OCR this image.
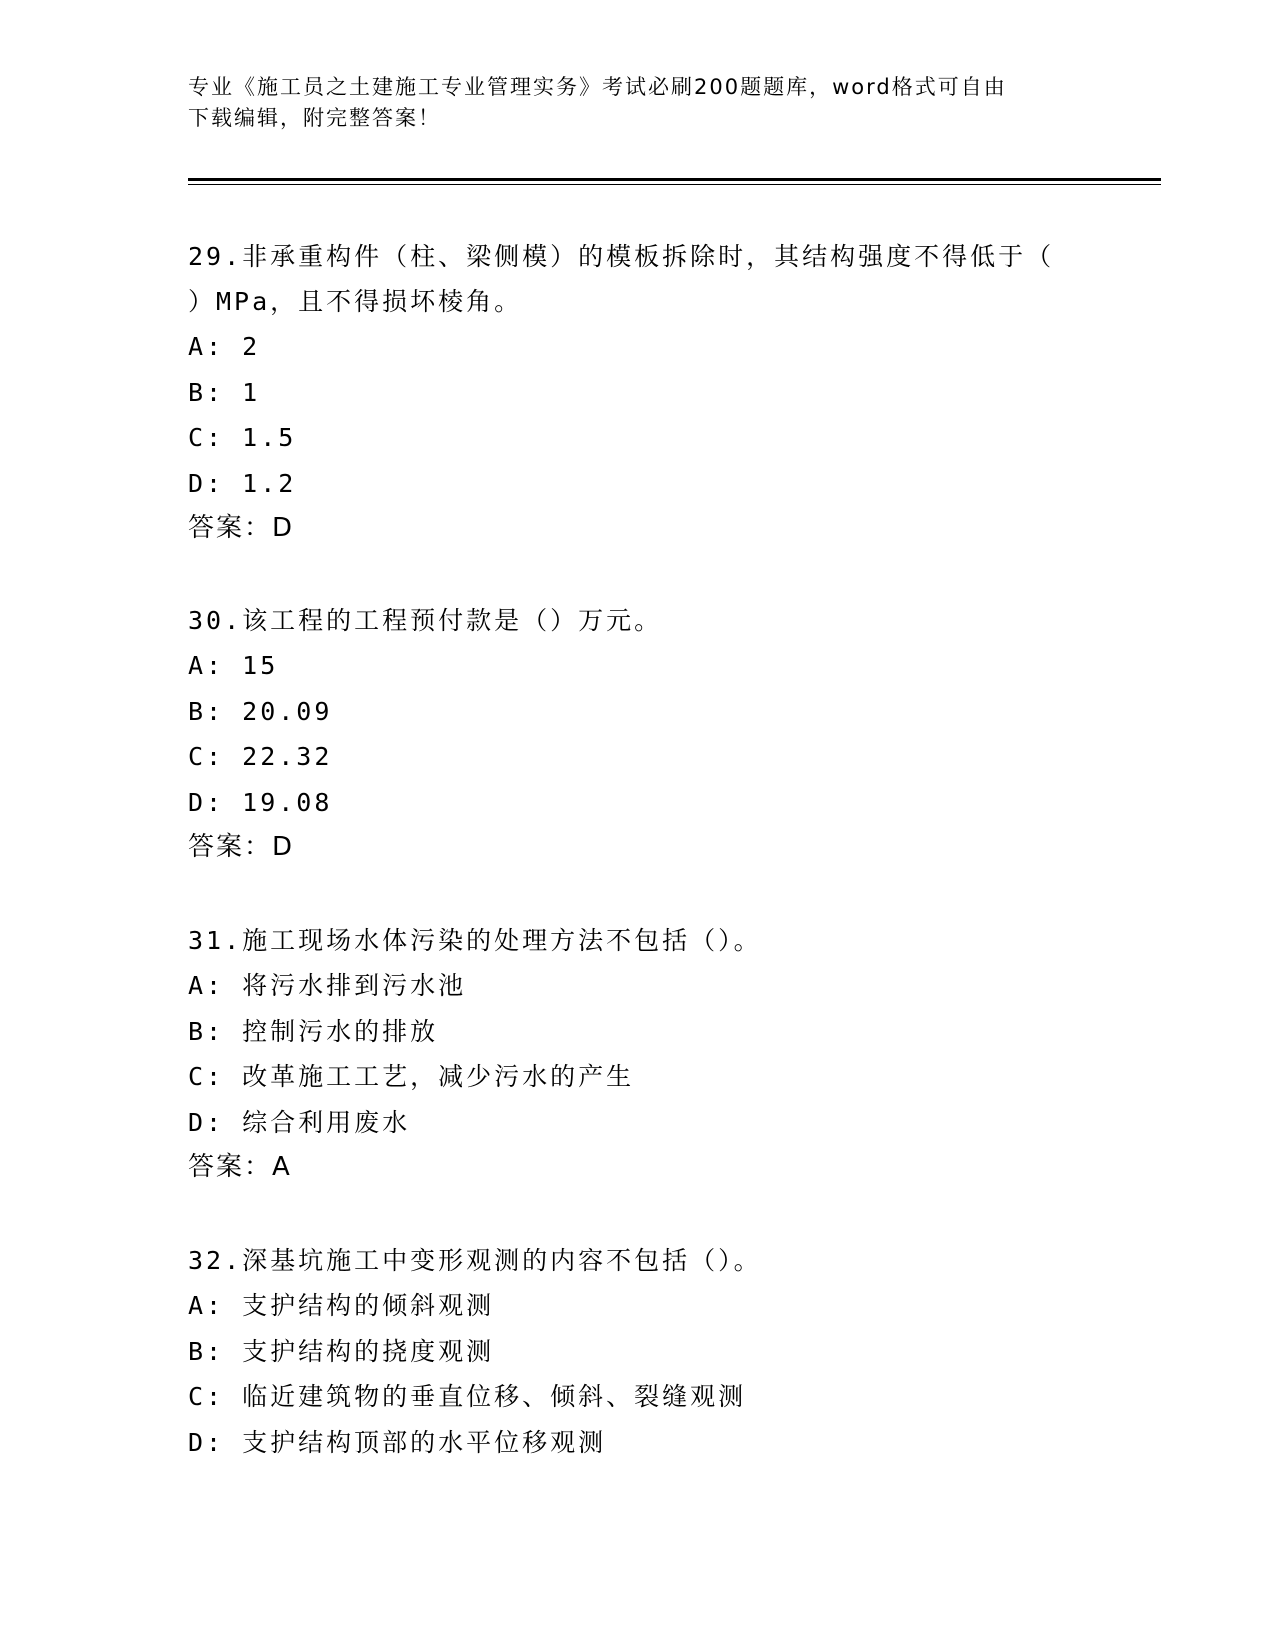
专业《施工员之土建施工专业管理实务》考试必刷200题题库，word格式可自由
下载编辑，附完整答案！
29.非承重构件（柱、梁侧模）的模板拆除时，其结构强度不得低于（
）MPa，且不得损坏棱角。
A: 2
B: 1
C: 1.5
D: 1.2
答案：D
30.该工程的工程预付款是（）万元。
A: 15
B: 20.09
C: 22.32
D: 19.08
答案：D
31.施工现场水体污染的处理方法不包括（）。
A: 将污水排到污水池
B: 控制污水的排放
C: 改革施工工艺，减少污水的产生
D: 综合利用废水
答案：A
32.深基坑施工中变形观测的内容不包括（）。
A: 支护结构的倾斜观测
B: 支护结构的挠度观测
C: 临近建筑物的垂直位移、倾斜、裂缝观测
D: 支护结构顶部的水平位移观测
